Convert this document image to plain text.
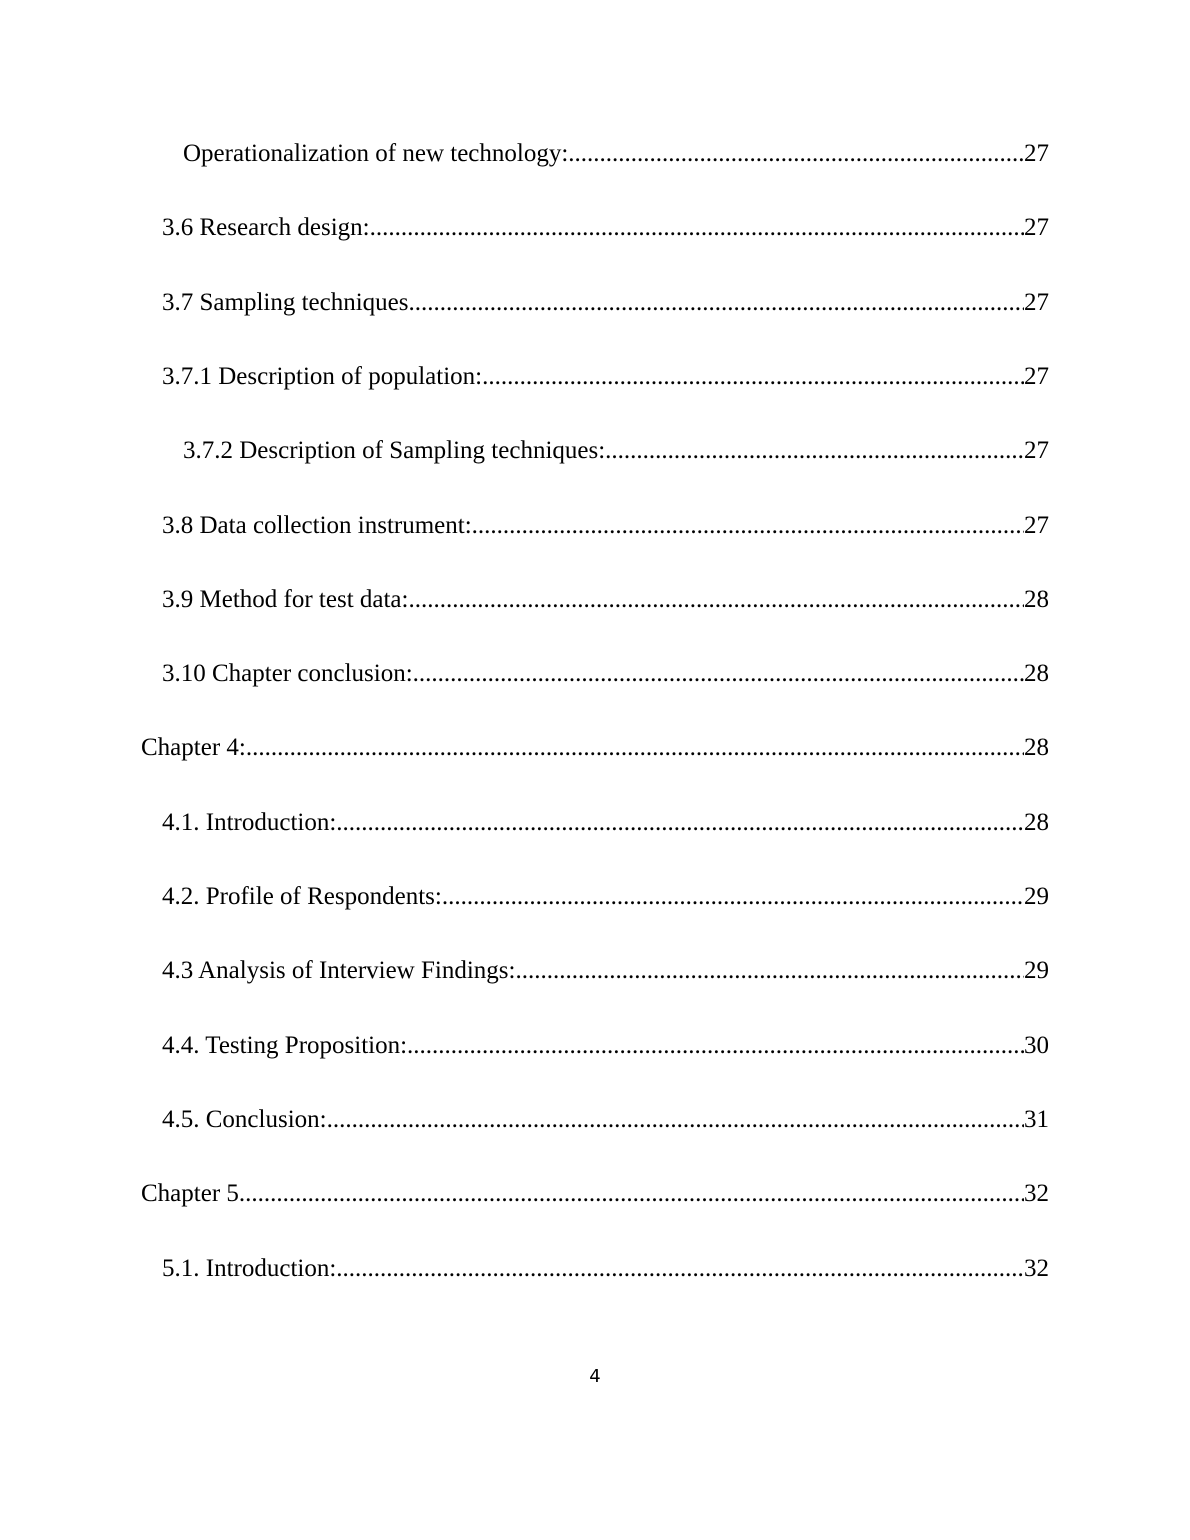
4
Operationalization of new technology: .....	27
3.6 Research design: .....	27
3.7 Sampling techniques .....	27
3.7.1 Description of population: .....	27
3.7.2 Description of Sampling techniques: .....	27
3.8 Data collection instrument: .....	27
3.9 Method for test data: .....	28
3.10 Chapter conclusion: .....	28
Chapter 4: .....	28
4.1. Introduction: .....	28
4.2. Profile of Respondents: .....	29
4.3 Analysis of Interview Findings: .....	29
4.4. Testing Proposition: .....	30
4.5. Conclusion: .....	31
Chapter 5 .....	32
5.1. Introduction: .....	32
